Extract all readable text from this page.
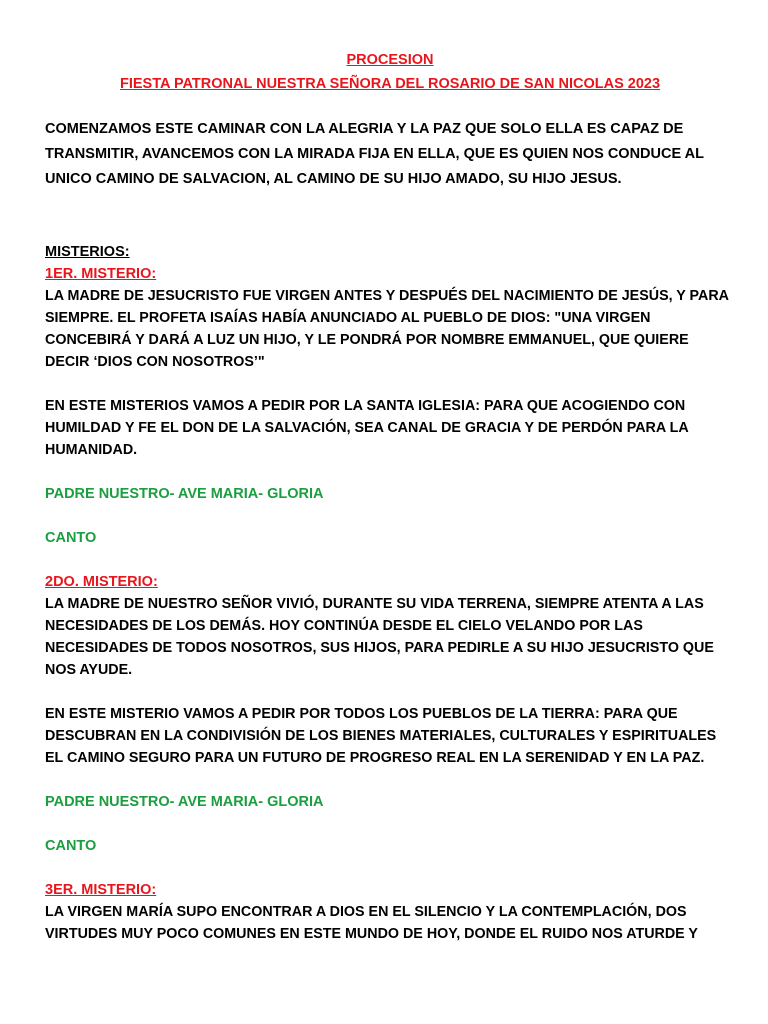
PROCESION

FIESTA PATRONAL NUESTRA SEÑORA DEL ROSARIO DE SAN NICOLAS 2023

COMENZAMOS ESTE CAMINAR CON LA ALEGRIA Y LA PAZ QUE SOLO ELLA ES CAPAZ DE TRANSMITIR, AVANCEMOS CON LA MIRADA FIJA EN ELLA, QUE ES QUIEN NOS CONDUCE AL UNICO CAMINO DE SALVACION, AL CAMINO DE SU HIJO AMADO, SU HIJO JESUS.

MISTERIOS:

1ER. MISTERIO:

LA MADRE DE JESUCRISTO FUE VIRGEN ANTES Y DESPUÉS DEL NACIMIENTO DE JESÚS, Y PARA SIEMPRE. EL PROFETA ISAÍAS HABÍA ANUNCIADO AL PUEBLO DE DIOS: "UNA VIRGEN CONCEBIRÁ Y DARÁ A LUZ UN HIJO, Y LE PONDRÁ POR NOMBRE EMMANUEL, QUE QUIERE DECIR ‘DIOS CON NOSOTROS’"

EN ESTE MISTERIOS VAMOS A PEDIR POR LA SANTA IGLESIA: PARA QUE ACOGIENDO CON HUMILDAD Y FE EL DON DE LA SALVACIÓN, SEA CANAL DE GRACIA Y DE PERDÓN PARA LA HUMANIDAD.

PADRE NUESTRO- AVE MARIA- GLORIA

CANTO

2DO. MISTERIO:

LA MADRE DE NUESTRO SEÑOR VIVIÓ, DURANTE SU VIDA TERRENA, SIEMPRE ATENTA A LAS NECESIDADES DE LOS DEMÁS. HOY CONTINÚA DESDE EL CIELO VELANDO POR LAS NECESIDADES DE TODOS NOSOTROS, SUS HIJOS, PARA PEDIRLE A SU HIJO JESUCRISTO QUE NOS AYUDE.

EN ESTE MISTERIO VAMOS A PEDIR POR TODOS LOS PUEBLOS DE LA TIERRA: PARA QUE DESCUBRAN EN LA CONDIVISIÓN DE LOS BIENES MATERIALES, CULTURALES Y ESPIRITUALES EL CAMINO SEGURO PARA UN FUTURO DE PROGRESO REAL EN LA SERENIDAD Y EN LA PAZ.

PADRE NUESTRO- AVE MARIA- GLORIA

CANTO

3ER. MISTERIO:

LA VIRGEN MARÍA SUPO ENCONTRAR A DIOS EN EL SILENCIO Y LA CONTEMPLACIÓN, DOS VIRTUDES MUY POCO COMUNES EN ESTE MUNDO DE HOY, DONDE EL RUIDO NOS ATURDE Y
